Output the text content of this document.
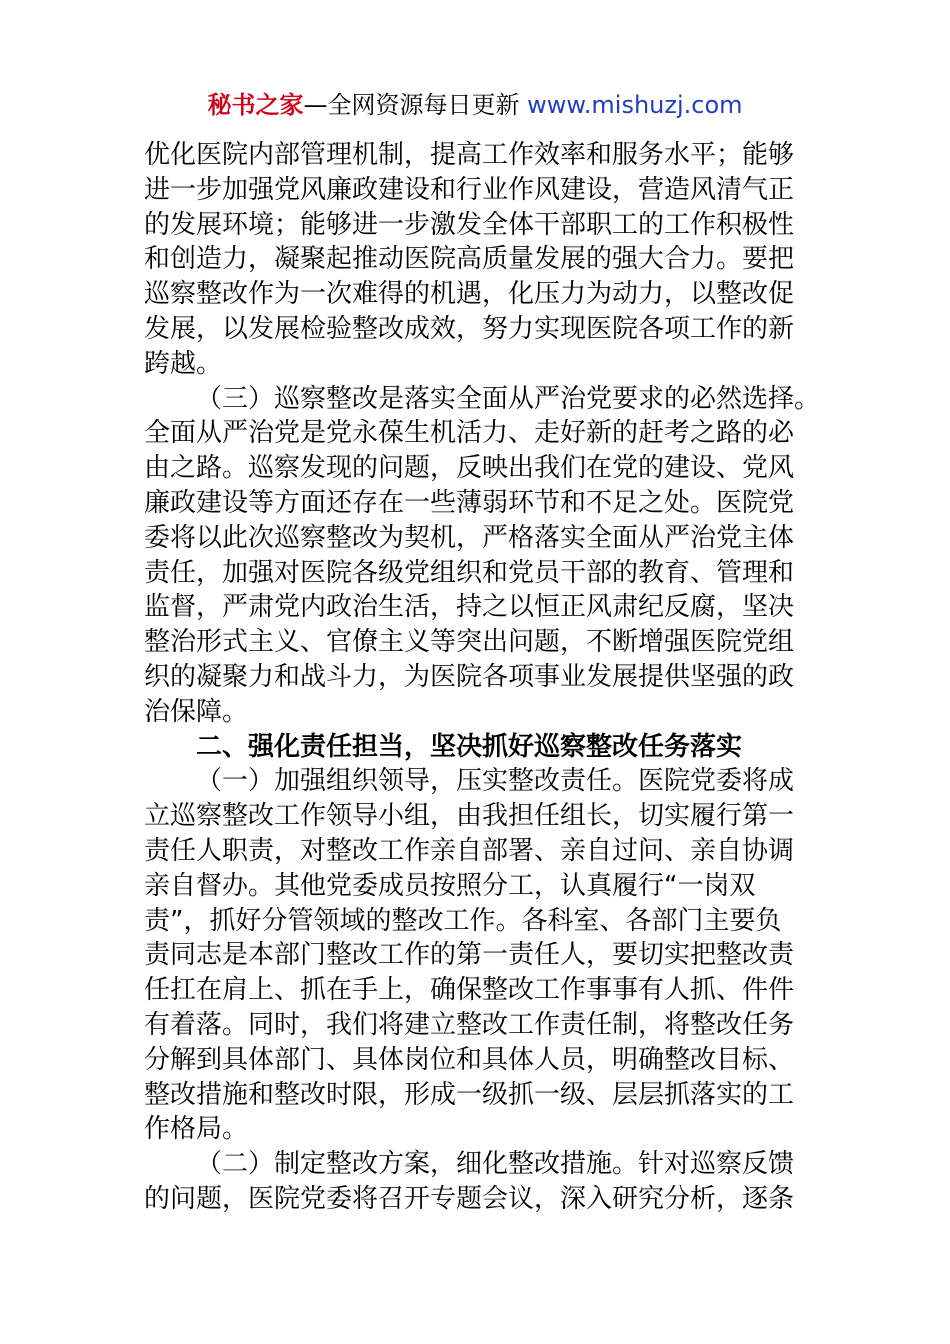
秘书之家—全网资源每日更新 www.mishuzj.com
优化医院内部管理机制，提高工作效率和服务水平；能够
进一步加强党风廉政建设和行业作风建设，营造风清气正
的发展环境；能够进一步激发全体干部职工的工作积极性
和创造力，凝聚起推动医院高质量发展的强大合力。要把
巡察整改作为一次难得的机遇，化压力为动力，以整改促
发展，以发展检验整改成效，努力实现医院各项工作的新
跨越。
（三）巡察整改是落实全面从严治党要求的必然选择。
全面从严治党是党永葆生机活力、走好新的赶考之路的必
由之路。巡察发现的问题，反映出我们在党的建设、党风
廉政建设等方面还存在一些薄弱环节和不足之处。医院党
委将以此次巡察整改为契机，严格落实全面从严治党主体
责任，加强对医院各级党组织和党员干部的教育、管理和
监督，严肃党内政治生活，持之以恒正风肃纪反腐，坚决
整治形式主义、官僚主义等突出问题，不断增强医院党组
织的凝聚力和战斗力，为医院各项事业发展提供坚强的政
治保障。
二、强化责任担当，坚决抓好巡察整改任务落实
（一）加强组织领导，压实整改责任。医院党委将成
立巡察整改工作领导小组，由我担任组长，切实履行第一
责任人职责，对整改工作亲自部署、亲自过问、亲自协调
亲自督办。其他党委成员按照分工，认真履行“一岗双
责”，抓好分管领域的整改工作。各科室、各部门主要负
责同志是本部门整改工作的第一责任人，要切实把整改责
任扛在肩上、抓在手上，确保整改工作事事有人抓、件件
有着落。同时，我们将建立整改工作责任制，将整改任务
分解到具体部门、具体岗位和具体人员，明确整改目标、
整改措施和整改时限，形成一级抓一级、层层抓落实的工
作格局。
（二）制定整改方案，细化整改措施。针对巡察反馈
的问题，医院党委将召开专题会议，深入研究分析，逐条
